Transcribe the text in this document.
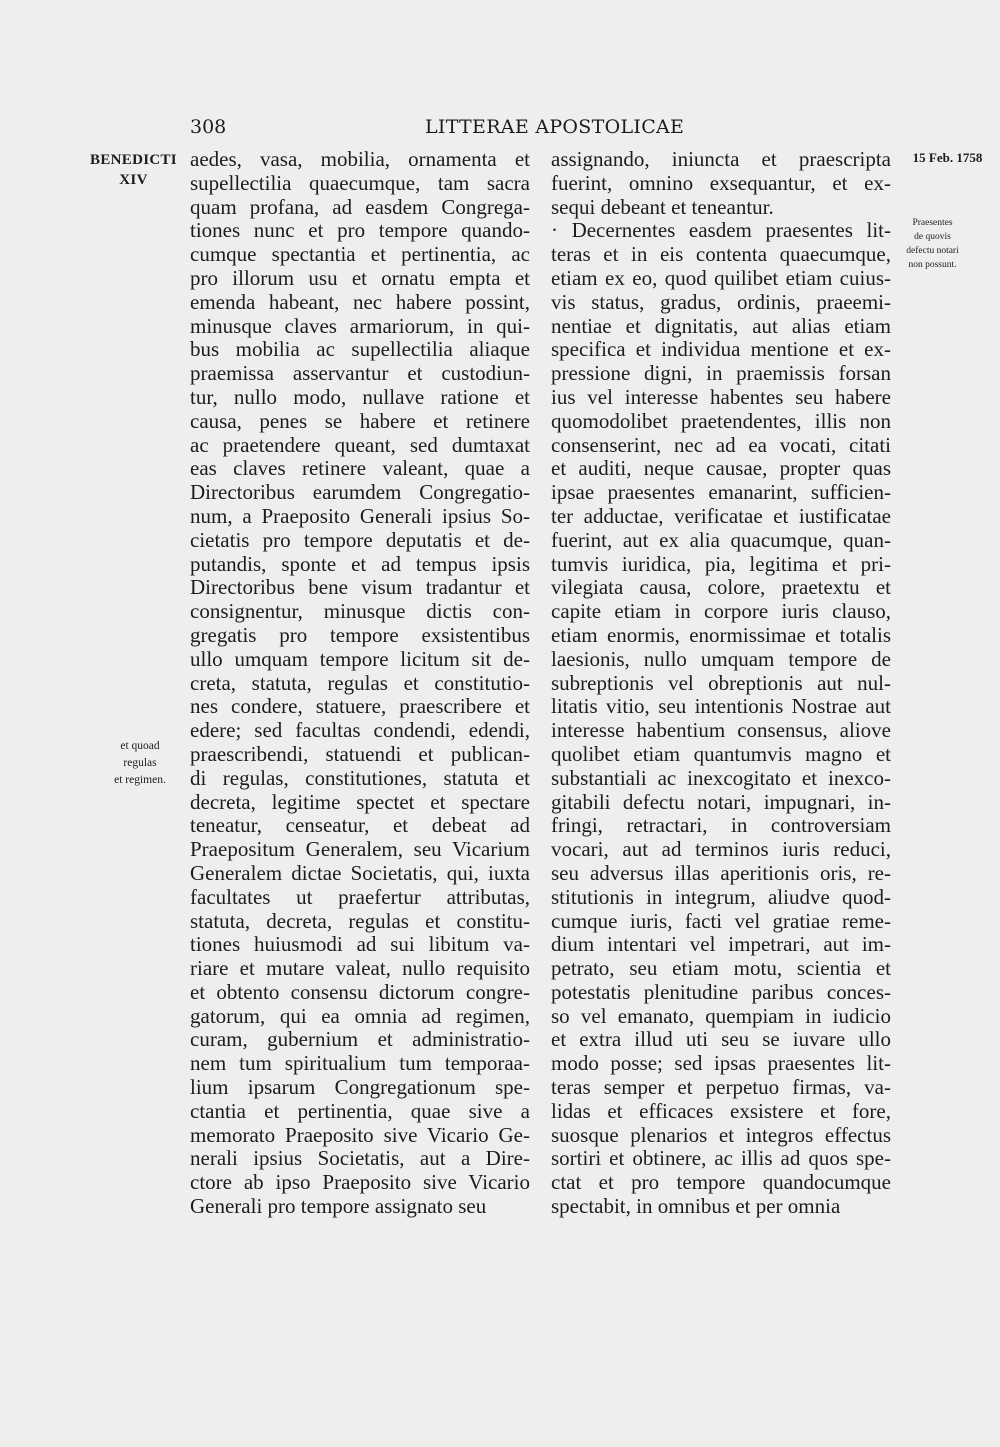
308	LITTERAE APOSTOLICAE
BENEDICTI
XIV
et quoad
regulas
et regimen.
15 Feb. 1758
Praesentes
de quovis
defectu notari
non possunt.
aedes, vasa, mobilia, ornamenta et
supellectilia quaecumque, tam sacra
quam profana, ad easdem Congrega-
tiones nunc et pro tempore quando-
cumque spectantia et pertinentia, ac
pro illorum usu et ornatu empta et
emenda habeant, nec habere possint,
minusque claves armariorum, in qui-
bus mobilia ac supellectilia aliaque
praemissa asservantur et custodiun-
tur, nullo modo, nullave ratione et
causa, penes se habere et retinere
ac praetendere queant, sed dumtaxat
eas claves retinere valeant, quae a
Directoribus earumdem Congregatio-
num, a Praeposito Generali ipsius So-
cietatis pro tempore deputatis et de-
putandis, sponte et ad tempus ipsis
Directoribus bene visum tradantur et
consignentur, minusque dictis con-
gregatis pro tempore exsistentibus
ullo umquam tempore licitum sit de-
creta, statuta, regulas et constitutio-
nes condere, statuere, praescribere et
edere; sed facultas condendi, edendi,
praescribendi, statuendi et publican-
di regulas, constitutiones, statuta et
decreta, legitime spectet et spectare
teneatur, censeatur, et debeat ad
Praepositum Generalem, seu Vicarium
Generalem dictae Societatis, qui, iuxta
facultates ut praefertur attributas,
statuta, decreta, regulas et constitu-
tiones huiusmodi ad sui libitum va-
riare et mutare valeat, nullo requisito
et obtento consensu dictorum congre-
gatorum, qui ea omnia ad regimen,
curam, gubernium et administratio-
nem tum spiritualium tum temporaa-
lium ipsarum Congregationum spe-
ctantia et pertinentia, quae sive a
memorato Praeposito sive Vicario Ge-
nerali ipsius Societatis, aut a Dire-
ctore ab ipso Praeposito sive Vicario
Generali pro tempore assignato seu
assignando, iniuncta et praescripta
fuerint, omnino exsequantur, et ex-
sequi debeant et teneantur.
· Decernentes easdem praesentes lit-
teras et in eis contenta quaecumque,
etiam ex eo, quod quilibet etiam cuius-
vis status, gradus, ordinis, praeemi-
nentiae et dignitatis, aut alias etiam
specifica et individua mentione et ex-
pressione digni, in praemissis forsan
ius vel interesse habentes seu habere
quomodolibet praetendentes, illis non
consenserint, nec ad ea vocati, citati
et auditi, neque causae, propter quas
ipsae praesentes emanarint, sufficien-
ter adductae, verificatae et iustificatae
fuerint, aut ex alia quacumque, quan-
tumvis iuridica, pia, legitima et pri-
vilegiata causa, colore, praetextu et
capite etiam in corpore iuris clauso,
etiam enormis, enormissimae et totalis
laesionis, nullo umquam tempore de
subreptionis vel obreptionis aut nul-
litatis vitio, seu intentionis Nostrae aut
interesse habentium consensus, aliove
quolibet etiam quantumvis magno et
substantiali ac inexcogitato et inexco-
gitabili defectu notari, impugnari, in-
fringi, retractari, in controversiam
vocari, aut ad terminos iuris reduci,
seu adversus illas aperitionis oris, re-
stitutionis in integrum, aliudve quod-
cumque iuris, facti vel gratiae reme-
dium intentari vel impetrari, aut im-
petrato, seu etiam motu, scientia et
potestatis plenitudine paribus conces-
so vel emanato, quempiam in iudicio
et extra illud uti seu se iuvare ullo
modo posse; sed ipsas praesentes lit-
teras semper et perpetuo firmas, va-
lidas et efficaces exsistere et fore,
suosque plenarios et integros effectus
sortiri et obtinere, ac illis ad quos spe-
ctat et pro tempore quandocumque
spectabit, in omnibus et per omnia
